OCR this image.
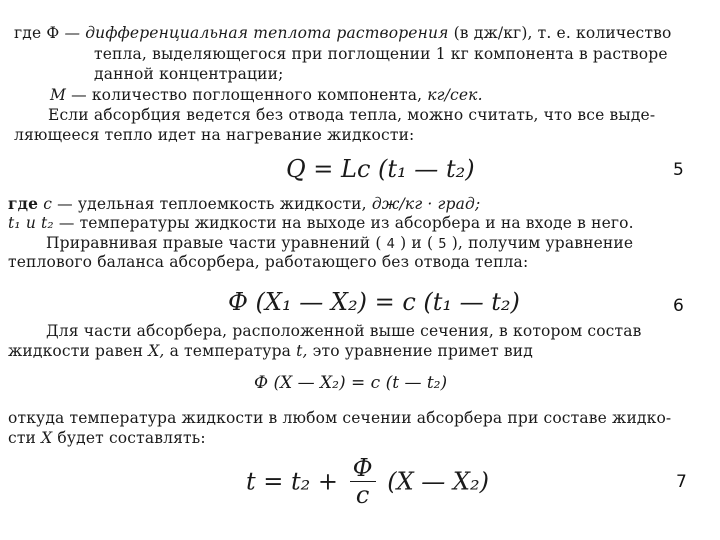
где Ф — дифференциальная теплота растворения (в дж/кг), т. е. количество
тепла, выделяющегося при поглощении 1 кг компонента в растворе
данной концентрации;
М — количество поглощенного компонента, кг/сек.
Если абсорбция ведется без отвода тепла, можно считать, что все выде-
ляющееся тепло идет на нагревание жидкости:
Q = Lc (t₁ — t₂)	5
где c — удельная теплоемкость жидкости, дж/кг · град;
t₁ и t₂ — температуры жидкости на выходе из абсорбера и на входе в него.
Приравнивая правые части уравнений ( 4 ) и ( 5 ), получим уравнение
теплового баланса абсорбера, работающего без отвода тепла:
Ф (X₁ — X₂) = c (t₁ — t₂)	6
Для части абсорбера, расположенной выше сечения, в котором состав
жидкости равен X, а температура t, это уравнение примет вид
Ф (X — X₂) = c (t — t₂)
откуда температура жидкости в любом сечении абсорбера при составе жидко-
сти X будет составлять:
$t = t_2 + \frac{Ф}{c} (X$ — X₂)	7
